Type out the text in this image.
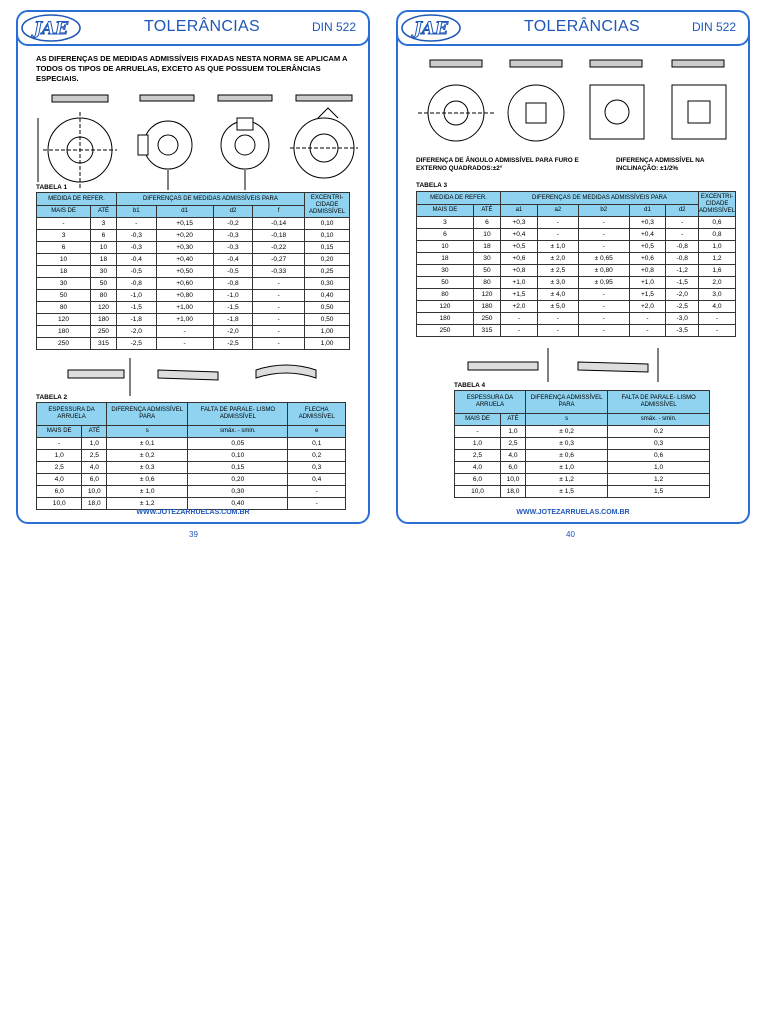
JAE	TOLERÂNCIAS	DIN 522
AS DIFERENÇAS DE MEDIDAS ADMISSÍVEIS FIXADAS NESTA NORMA SE APLICAM A TODOS OS TIPOS DE ARRUELAS, EXCETO AS QUE POSSUEM TOLERÂNCIAS ESPECIAIS.
TABELA 1
MEDIDA DE REFER.		DIFERENÇAS DE MEDIDAS ADMISSÍVEIS PARA				EXCENTRI- CIDADE ADMISSÍVEL
MAIS DE	ATÉ	b1	d1	d2	f	
-	3	-	+0,15	-0,2	-0,14	0,10
3	6	-0,3	+0,20	-0,3	-0,18	0,10
6	10	-0,3	+0,30	-0,3	-0,22	0,15
10	18	-0,4	+0,40	-0,4	-0,27	0,20
18	30	-0,5	+0,50	-0,5	-0,33	0,25
30	50	-0,8	+0,60	-0,8	-	0,30
50	80	-1,0	+0,80	-1,0	-	0,40
80	120	-1,5	+1,00	-1,5	-	0,50
120	180	-1,8	+1,00	-1,8	-	0,50
180	250	-2,0	-	-2,0	-	1,00
250	315	-2,5	-	-2,5	-	1,00
TABELA 2
ESPESSURA DA ARRUELA		DIFERENÇA ADMISSÍVEL PARA	FALTA DE PARALE- LISMO ADMISSÍVEL	FLECHA ADMISSÍVEL
MAIS DE	ATÉ	s	smáx. - smin.	e
-	1,0	± 0,1	0,05	0,1
1,0	2,5	± 0,2	0,10	0,2
2,5	4,0	± 0,3	0,15	0,3
4,0	6,0	± 0,6	0,20	0,4
6,0	10,0	± 1,0	0,30	-
10,0	18,0	± 1,2	0,40	-
WWW.JOTEZARRUELAS.COM.BR
39
JAE	TOLERÂNCIAS	DIN 522
DIFERENÇA DE ÂNGULO ADMISSÍVEL PARA FURO E EXTERNO QUADRADOS:±2°
DIFERENÇA ADMISSÍVEL NA INCLINAÇÃO: ±1/2%
TABELA 3
MEDIDA DE REFER.		DIFERENÇAS DE MEDIDAS ADMISSÍVEIS PARA					EXCENTRI- CIDADE ADMISSÍVEL
MAIS DE	ATÉ	a1	a2	b2	d1	d2	
3	6	+0,3	-	-	+0,3	-	0,6
6	10	+0,4	-	-	+0,4	-	0,8
10	18	+0,5	± 1,0	-	+0,5	-0,8	1,0
18	30	+0,6	± 2,0	± 0,65	+0,6	-0,8	1,2
30	50	+0,8	± 2,5	± 0,80	+0,8	-1,2	1,6
50	80	+1,0	± 3,0	± 0,95	+1,0	-1,5	2,0
80	120	+1,5	± 4,0	-	+1,5	-2,0	3,0
120	180	+2,0	± 5,0	-	+2,0	-2,5	4,0
180	250	-	-	-	-	-3,0	-
250	315	-	-	-	-	-3,5	-
TABELA 4
ESPESSURA DA ARRUELA		DIFERENÇA ADMISSÍVEL PARA	FALTA DE PARALE- LISMO ADMISSÍVEL
MAIS DE	ATÉ	s	smáx. - smin.
-	1,0	± 0,2	0,2
1,0	2,5	± 0,3	0,3
2,5	4,0	± 0,6	0,6
4,0	6,0	± 1,0	1,0
6,0	10,0	± 1,2	1,2
10,0	18,0	± 1,5	1,5
WWW.JOTEZARRUELAS.COM.BR
40
